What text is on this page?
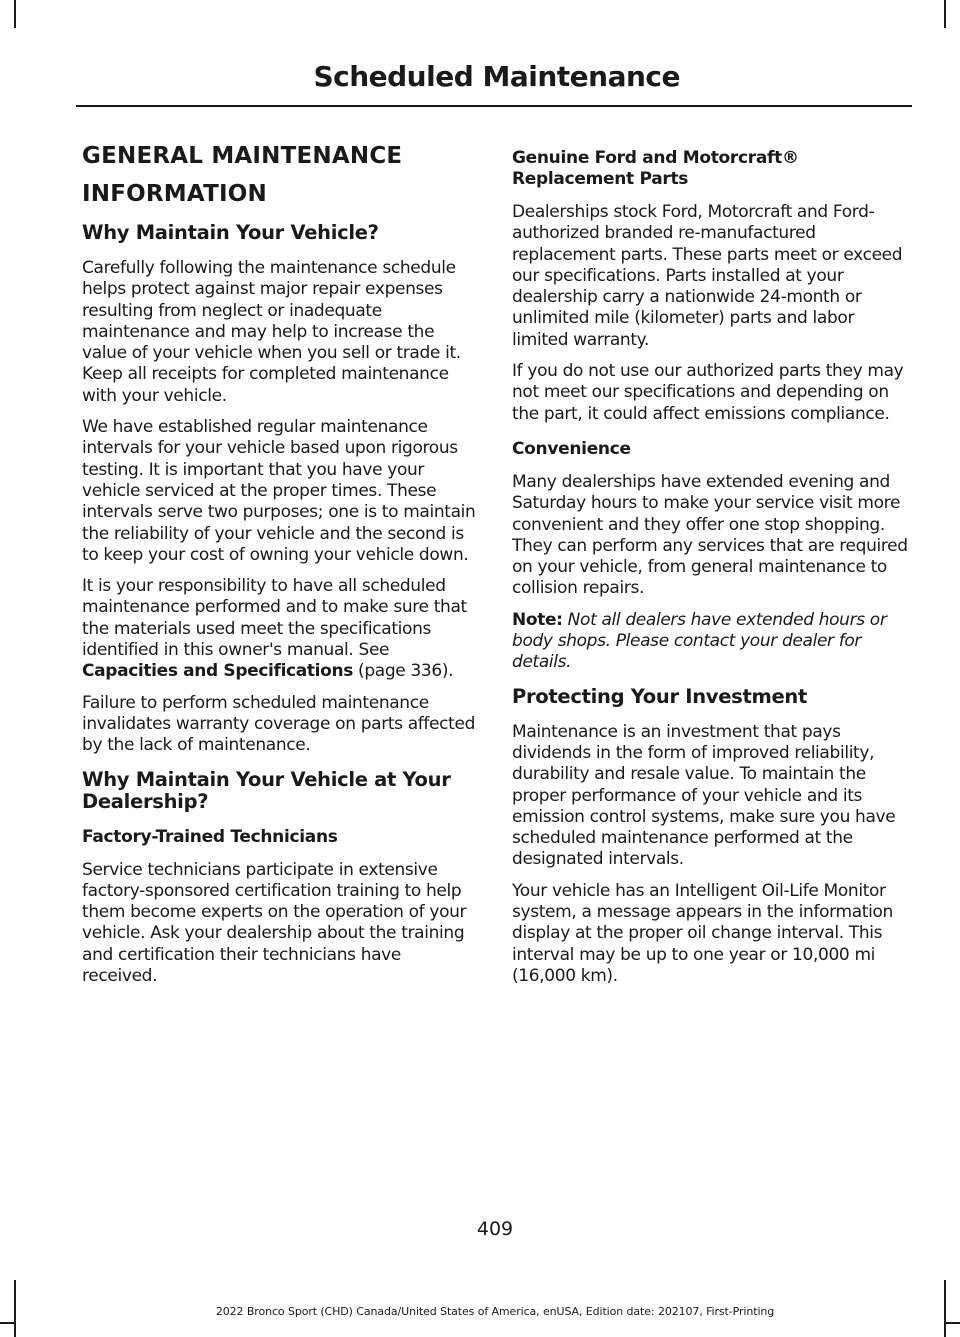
Scheduled Maintenance
GENERAL MAINTENANCE
INFORMATION
Why Maintain Your Vehicle?

Carefully following the maintenance schedule helps protect against major repair expenses resulting from neglect or inadequate maintenance and may help to increase the value of your vehicle when you sell or trade it. Keep all receipts for completed maintenance with your vehicle.

We have established regular maintenance intervals for your vehicle based upon rigorous testing. It is important that you have your vehicle serviced at the proper times. These intervals serve two purposes; one is to maintain the reliability of your vehicle and the second is to keep your cost of owning your vehicle down.

It is your responsibility to have all scheduled maintenance performed and to make sure that the materials used meet the specifications identified in this owner's manual. See Capacities and Specifications (page 336).

Failure to perform scheduled maintenance invalidates warranty coverage on parts affected by the lack of maintenance.

Why Maintain Your Vehicle at Your Dealership?
Factory-Trained Technicians

Service technicians participate in extensive factory-sponsored certification training to help them become experts on the operation of your vehicle. Ask your dealership about the training and certification their technicians have received.

Genuine Ford and Motorcraft® Replacement Parts

Dealerships stock Ford, Motorcraft and Ford-authorized branded re-manufactured replacement parts. These parts meet or exceed our specifications. Parts installed at your dealership carry a nationwide 24-month or unlimited mile (kilometer) parts and labor limited warranty.

If you do not use our authorized parts they may not meet our specifications and depending on the part, it could affect emissions compliance.

Convenience

Many dealerships have extended evening and Saturday hours to make your service visit more convenient and they offer one stop shopping. They can perform any services that are required on your vehicle, from general maintenance to collision repairs.

Note: Not all dealers have extended hours or body shops. Please contact your dealer for details.

Protecting Your Investment

Maintenance is an investment that pays dividends in the form of improved reliability, durability and resale value. To maintain the proper performance of your vehicle and its emission control systems, make sure you have scheduled maintenance performed at the designated intervals.

Your vehicle has an Intelligent Oil-Life Monitor system, a message appears in the information display at the proper oil change interval. This interval may be up to one year or 10,000 mi (16,000 km).

409
2022 Bronco Sport (CHD) Canada/United States of America, enUSA, Edition date: 202107, First-Printing
